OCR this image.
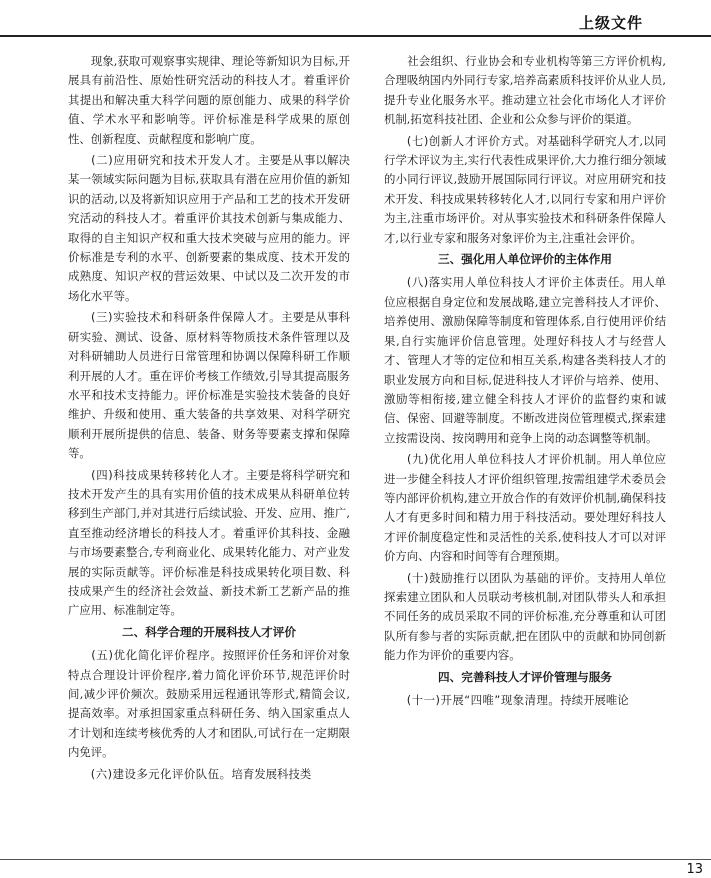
上级文件

　　现象,获取可观察事实规律、理论等新知识为目标,开展具有前沿性、原始性研究活动的科技人才。着重评价其提出和解决重大科学问题的原创能力、成果的科学价值、学术水平和影响等。评价标准是科学成果的原创性、创新程度、贡献程度和影响广度。

　　(二)应用研究和技术开发人才。主要是从事以解决某一领域实际问题为目标,获取具有潜在应用价值的新知识的活动,以及将新知识应用于产品和工艺的技术开发研究活动的科技人才。着重评价其技术创新与集成能力、取得的自主知识产权和重大技术突破与应用的能力。评价标准是专利的水平、创新要素的集成度、技术开发的成熟度、知识产权的营运效果、中试以及二次开发的市场化水平等。

　　(三)实验技术和科研条件保障人才。主要是从事科研实验、测试、设备、原材料等物质技术条件管理以及对科研辅助人员进行日常管理和协调以保障科研工作顺利开展的人才。重在评价考核工作绩效,引导其提高服务水平和技术支持能力。评价标准是实验技术装备的良好维护、升级和使用、重大装备的共享效果、对科学研究顺利开展所提供的信息、装备、财务等要素支撑和保障等。

　　(四)科技成果转移转化人才。主要是将科学研究和技术开发产生的具有实用价值的技术成果从科研单位转移到生产部门,并对其进行后续试验、开发、应用、推广,直至推动经济增长的科技人才。着重评价其科技、金融与市场要素整合,专利商业化、成果转化能力、对产业发展的实际贡献等。评价标准是科技成果转化项目数、科技成果产生的经济社会效益、新技术新工艺新产品的推广应用、标准制定等。

二、科学合理的开展科技人才评价

　　(五)优化简化评价程序。按照评价任务和评价对象特点合理设计评价程序,着力简化评价环节,规范评价时间,减少评价频次。鼓励采用远程通讯等形式,精简会议,提高效率。对承担国家重点科研任务、纳入国家重点人才计划和连续考核优秀的人才和团队,可试行在一定期限内免评。

　　(六)建设多元化评价队伍。培育发展科技类

　　社会组织、行业协会和专业机构等第三方评价机构,合理吸纳国内外同行专家,培养高素质科技评价从业人员,提升专业化服务水平。推动建立社会化市场化人才评价机制,拓宽科技社团、企业和公众参与评价的渠道。

　　(七)创新人才评价方式。对基础科学研究人才,以同行学术评议为主,实行代表性成果评价,大力推行细分领域的小同行评议,鼓励开展国际同行评议。对应用研究和技术开发、科技成果转移转化人才,以同行专家和用户评价为主,注重市场评价。对从事实验技术和科研条件保障人才,以行业专家和服务对象评价为主,注重社会评价。

三、强化用人单位评价的主体作用

　　(八)落实用人单位科技人才评价主体责任。用人单位应根据自身定位和发展战略,建立完善科技人才评价、培养使用、激励保障等制度和管理体系,自行使用评价结果,自行实施评价信息管理。处理好科技人才与经营人才、管理人才等的定位和相互关系,构建各类科技人才的职业发展方向和目标,促进科技人才评价与培养、使用、激励等相衔接,建立健全科技人才评价的监督约束和诚信、保密、回避等制度。不断改进岗位管理模式,探索建立按需设岗、按岗聘用和竞争上岗的动态调整等机制。

　　(九)优化用人单位科技人才评价机制。用人单位应进一步健全科技人才评价组织管理,按需组建学术委员会等内部评价机构,建立开放合作的有效评价机制,确保科技人才有更多时间和精力用于科技活动。要处理好科技人才评价制度稳定性和灵活性的关系,使科技人才可以对评价方向、内容和时间等有合理预期。

　　(十)鼓励推行以团队为基础的评价。支持用人单位探索建立团队和人员联动考核机制,对团队带头人和承担不同任务的成员采取不同的评价标准,充分尊重和认可团队所有参与者的实际贡献,把在团队中的贡献和协同创新能力作为评价的重要内容。

四、完善科技人才评价管理与服务

　　(十一)开展“四唯”现象清理。持续开展唯论

13
